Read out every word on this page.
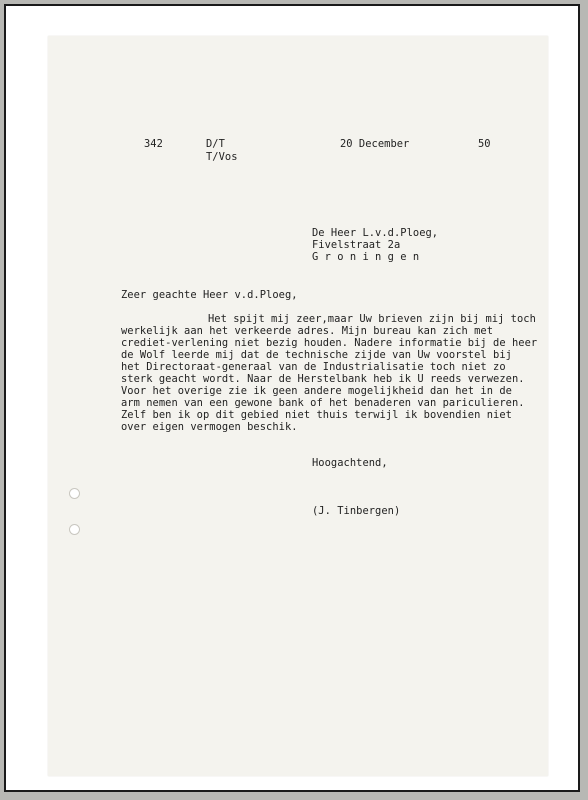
342	D/T
T/Vos
20 December	50
De Heer L.v.d.Ploeg,
Fivelstraat 2a
G r o n i n g e n
Zeer geachte Heer v.d.Ploeg,
Het spijt mij zeer,maar Uw brieven zijn bij mij toch
werkelijk aan het verkeerde adres. Mijn bureau kan zich met
crediet-verlening niet bezig houden. Nadere informatie bij de heer
de Wolf leerde mij dat de technische zijde van Uw voorstel bij
het Directoraat-generaal van de Industrialisatie toch niet zo
sterk geacht wordt. Naar de Herstelbank heb ik U reeds verwezen.
Voor het overige zie ik geen andere mogelijkheid dan het in de
arm nemen van een gewone bank of het benaderen van pariculieren.
Zelf ben ik op dit gebied niet thuis terwijl ik bovendien niet
over eigen vermogen beschik.
Hoogachtend,
(J. Tinbergen)
